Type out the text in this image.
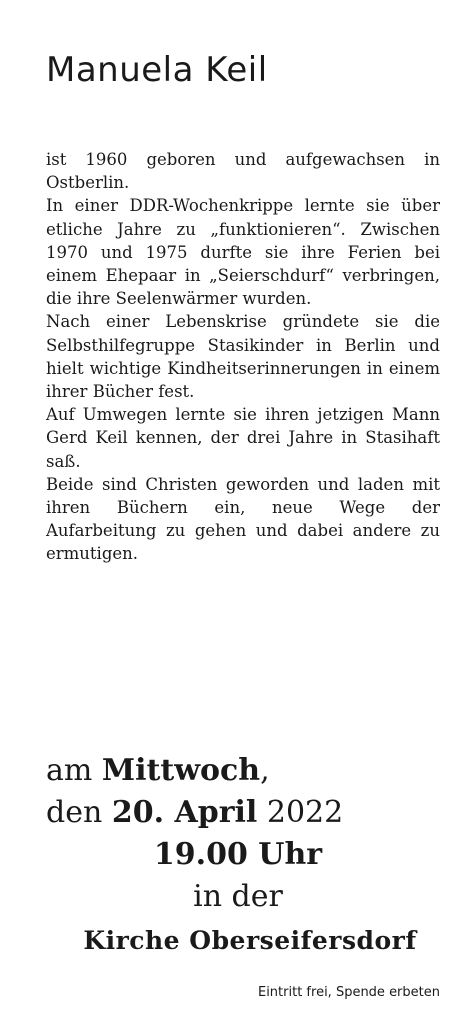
Manuela Keil

ist 1960 geboren und aufgewachsen in Ostberlin.

In einer DDR-Wochenkrippe lernte sie über etliche Jahre zu „funktionieren“. Zwischen 1970 und 1975 durfte sie ihre Ferien bei einem Ehepaar in „Seierschdurf“ verbringen, die ihre Seelenwärmer wurden.

Nach einer Lebenskrise gründete sie die Selbsthilfegruppe Stasikinder in Berlin und hielt wichtige Kindheitserinnerungen in einem ihrer Bücher fest.

Auf Umwegen lernte sie ihren jetzigen Mann Gerd Keil kennen, der drei Jahre in Stasihaft saß.

Beide sind Christen geworden und laden mit ihren Büchern ein, neue Wege der Aufarbeitung zu gehen und dabei andere zu ermutigen.

am Mittwoch,
den 20. April 2022
19.00 Uhr
in der
Kirche Oberseifersdorf
Eintritt frei, Spende erbeten
